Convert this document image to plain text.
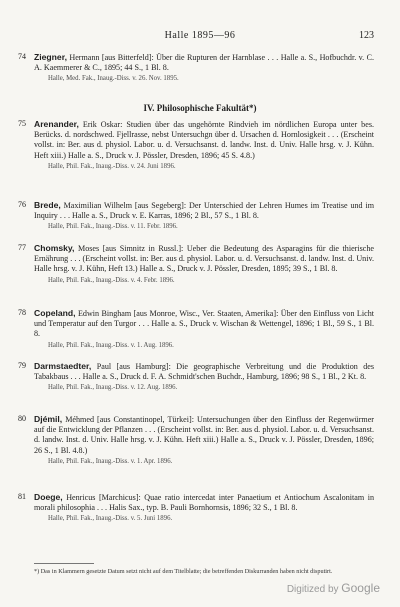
Halle 1895—96	123
74 Ziegner, Hermann [aus Bitterfeld]: Über die Rupturen der Harnblase . . . Halle a. S., Hofbuchdr. v. C. A. Kaemmerer & C., 1895; 44 S., 1 Bl. 8.
Halle, Med. Fak., Inaug.-Diss. v. 26. Nov. 1895.
IV. Philosophische Fakultät*)
75 Arenander, Erik Oskar: Studien über das ungehörnte Rindvieh im nördlichen Europa unter bes. Berücks. d. nordschwed. Fjellrasse, nebst Untersuchgn über d. Ursachen d. Hornlosigkeit . . . (Erscheint vollst. in: Ber. aus d. physiol. Labor. u. d. Versuchsanst. d. landw. Inst. d. Univ. Halle hrsg. v. J. Kühn. Heft xiii.) Halle a. S., Druck v. J. Pössler, Dresden, 1896; 45 S. 4.8.)
Halle, Phil. Fak., Inaug.-Diss. v. 24. Juni 1896.
76 Brede, Maximilian Wilhelm [aus Segeberg]: Der Unterschied der Lehren Humes im Treatise und im Inquiry . . . Halle a. S., Druck v. E. Karras, 1896; 2 Bl., 57 S., 1 Bl. 8.
Halle, Phil. Fak., Inaug.-Diss. v. 11. Febr. 1896.
77 Chomsky, Moses [aus Simnitz in Russl.]: Ueber die Bedeutung des Asparagins für die thierische Ernährung . . . (Erscheint vollst. in: Ber. aus d. physiol. Labor. u. d. Versuchsanst. d. landw. Inst. d. Univ. Halle hrsg. v. J. Kühn, Heft 13.) Halle a. S., Druck v. J. Pössler, Dresden, 1895; 39 S., 1 Bl. 8.
Halle, Phil. Fak., Inaug.-Diss. v. 4. Febr. 1896.
78 Copeland, Edwin Bingham [aus Monroe, Wisc., Ver. Staaten, Amerika]: Über den Einfluss von Licht und Temperatur auf den Turgor . . . Halle a. S., Druck v. Wischan & Wettengel, 1896; 1 Bl., 59 S., 1 Bl. 8.
Halle, Phil. Fak., Inaug.-Diss. v. 1. Aug. 1896.
79 Darmstaedter, Paul [aus Hamburg]: Die geographische Verbreitung und die Produktion des Tabakbaus . . . Halle a. S., Druck d. F. A. Schmidt'schen Buchdr., Hamburg, 1896; 98 S., 1 Bl., 2 Kt. 8.
Halle, Phil. Fak., Inaug.-Diss. v. 12. Aug. 1896.
80 Djémil, Méhmed [aus Constantinopel, Türkei]: Untersuchungen über den Einfluss der Regenwürmer auf die Entwicklung der Pflanzen . . . (Erscheint vollst. in: Ber. aus d. physiol. Labor. u. d. Versuchsanst. d. landw. Inst. d. Univ. Halle hrsg. v. J. Kühn. Heft xiii.) Halle a. S., Druck v. J. Pössler, Dresden, 1896; 26 S., 1 Bl. 4.8.)
Halle, Phil. Fak., Inaug.-Diss. v. 1. Apr. 1896.
81 Doege, Henricus [Marchicus]: Quae ratio intercedat inter Panaetium et Antiochum Ascalonitam in morali philosophia . . . Halis Sax., typ. B. Pauli Bornhornsis, 1896; 32 S., 1 Bl. 8.
Halle, Phil. Fak., Inaug.-Diss. v. 5. Juni 1896.
*) Das in Klammern gesetzte Datum setzt nicht auf dem Titelblatte; die betreffenden Diskurranden haben nicht disputirt.
Digitized by Google
